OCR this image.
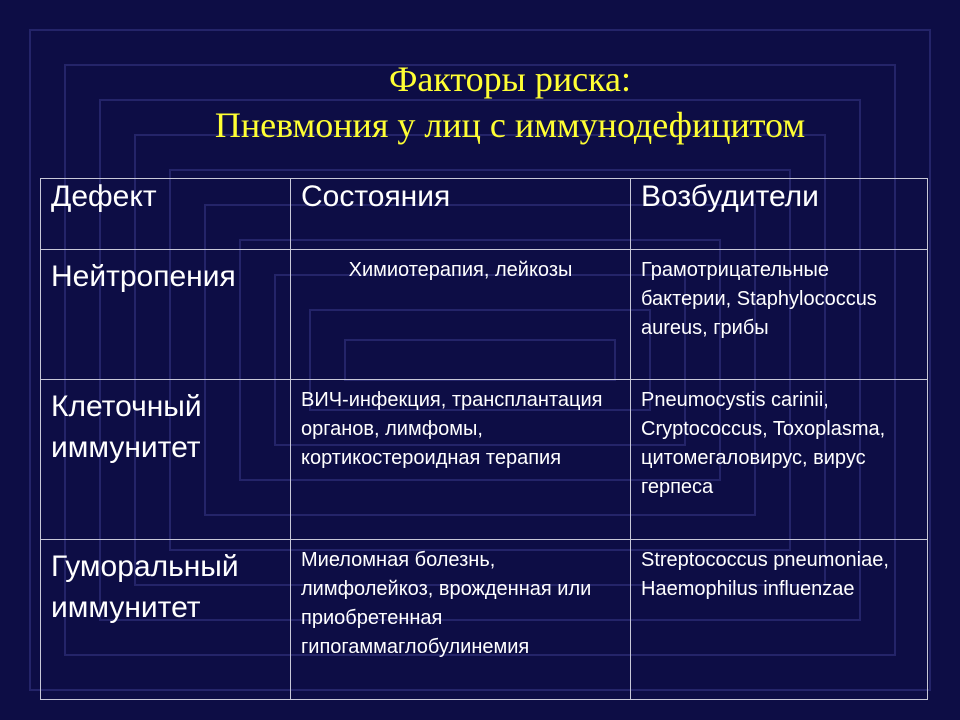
Факторы риска:
Пневмония у лиц с иммунодефицитом
Дефект	Состояния	Возбудители
Нейтропения	Химиотерапия, лейкозы	Грамотрицательные бактерии, Staphylococcus aureus, грибы
Клеточный иммунитет	ВИЧ-инфекция, трансплантация органов, лимфомы, кортикостероидная терапия	Pneumocystis carinii, Cryptococcus, Toxoplasma, цитомегаловирус, вирус герпеса
Гуморальный иммунитет	Миеломная болезнь, лимфолейкоз, врожденная или приобретенная гипогаммаглобулинемия	Streptococcus pneumoniae, Haemophilus influenzae
